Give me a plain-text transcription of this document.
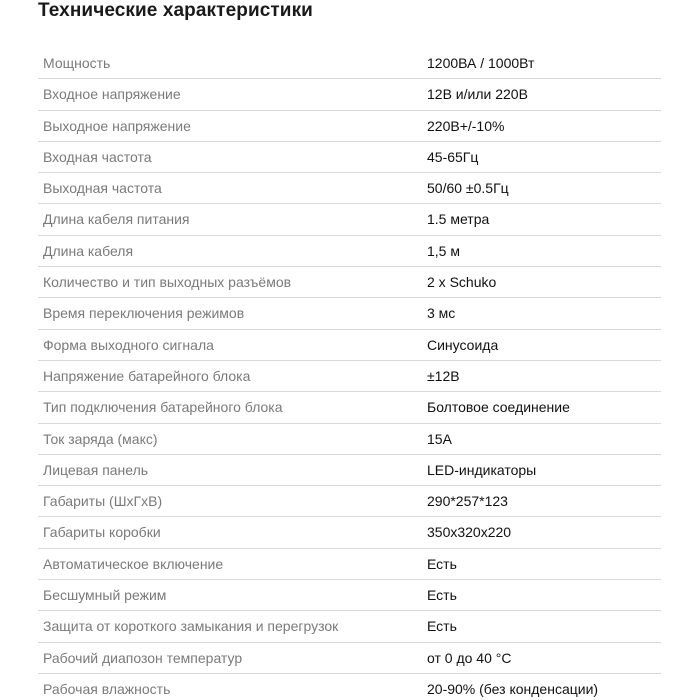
Технические характеристики
Мощность	1200ВА / 1000Вт
Входное напряжение	12В и/или 220В
Выходное напряжение	220В+/-10%
Входная частота	45-65Гц
Выходная частота	50/60 ±0.5Гц
Длина кабеля питания	1.5 метра
Длина кабеля	1,5 м
Количество и тип выходных разъёмов	2 x Schuko
Время переключения режимов	3 мс
Форма выходного сигнала	Синусоида
Напряжение батарейного блока	±12В
Тип подключения батарейного блока	Болтовое соединение
Ток заряда (макс)	15А
Лицевая панель	LED-индикаторы
Габариты (ШхГхВ)	290*257*123
Габариты коробки	350x320x220
Автоматическое включение	Есть
Бесшумный режим	Есть
Защита от короткого замыкания и перегрузок	Есть
Рабочий диапозон температур	от 0 до 40 °С
Рабочая влажность	20-90% (без конденсации)
